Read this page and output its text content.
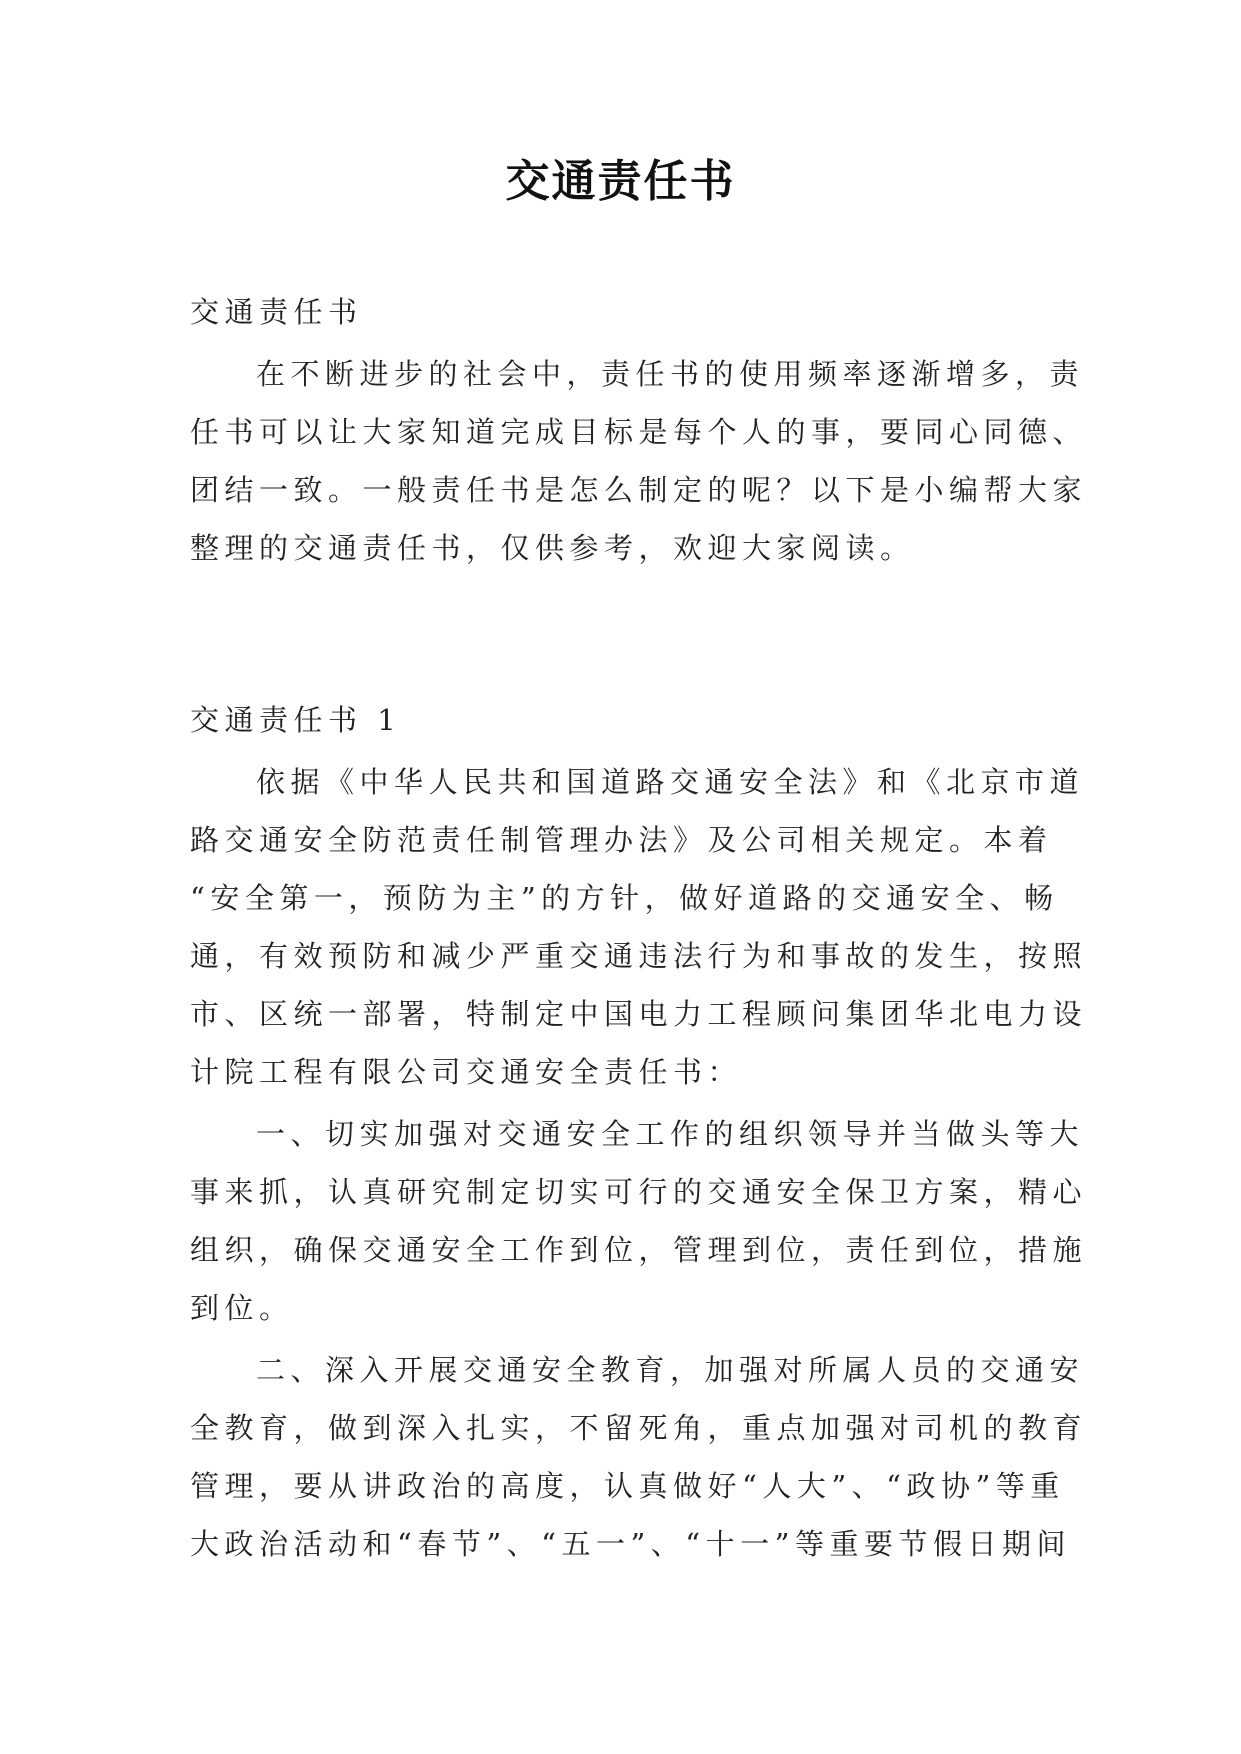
交通责任书
交通责任书
在不断进步的社会中，责任书的使用频率逐渐增多，责
任书可以让大家知道完成目标是每个人的事，要同心同德、
团结一致。一般责任书是怎么制定的呢？以下是小编帮大家
整理的交通责任书，仅供参考，欢迎大家阅读。
交通责任书 1
依据《中华人民共和国道路交通安全法》和《北京市道
路交通安全防范责任制管理办法》及公司相关规定。本着
“安全第一，预防为主”的方针，做好道路的交通安全、畅
通，有效预防和减少严重交通违法行为和事故的发生，按照
市、区统一部署，特制定中国电力工程顾问集团华北电力设
计院工程有限公司交通安全责任书：
一、切实加强对交通安全工作的组织领导并当做头等大
事来抓，认真研究制定切实可行的交通安全保卫方案，精心
组织，确保交通安全工作到位，管理到位，责任到位，措施
到位。
二、深入开展交通安全教育，加强对所属人员的交通安
全教育，做到深入扎实，不留死角，重点加强对司机的教育
管理，要从讲政治的高度，认真做好“人大”、“政协”等重
大政治活动和“春节”、“五一”、“十一”等重要节假日期间
